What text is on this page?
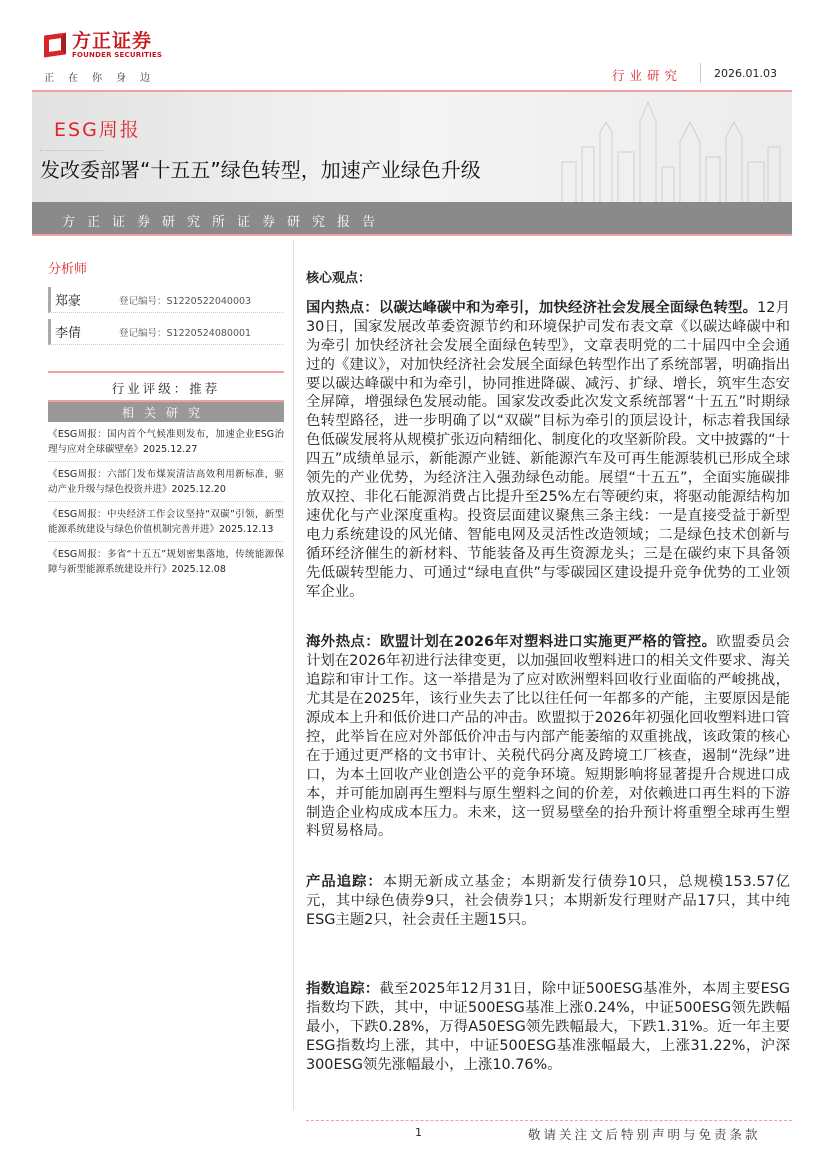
方正证券
FOUNDER SECURITIES
正在你身边	行业研究	2026.01.03
ESG周报
发改委部署“十五五”绿色转型，加速产业绿色升级
方正证券研究所证券研究报告
分析师
郑豪	登记编号：S1220522040003
李倩	登记编号：S1220524080001
行业评级：推荐
相关研究
《ESG周报：国内首个气候准则发布，加速企业ESG治理与应对全球碳壁垒》2025.12.27
《ESG周报：六部门发布煤炭清洁高效利用新标准，驱动产业升级与绿色投资并进》2025.12.20
《ESG周报：中央经济工作会议坚持“双碳”引领，新型能源系统建设与绿色价值机制完善并进》2025.12.13
《ESG周报：多省“十五五”规划密集落地，传统能源保障与新型能源系统建设并行》2025.12.08
核心观点：

国内热点：以碳达峰碳中和为牵引，加快经济社会发展全面绿色转型。12月30日，国家发展改革委资源节约和环境保护司发布表文章《以碳达峰碳中和为牵引 加快经济社会发展全面绿色转型》，文章表明党的二十届四中全会通过的《建议》，对加快经济社会发展全面绿色转型作出了系统部署，明确指出要以碳达峰碳中和为牵引，协同推进降碳、减污、扩绿、增长，筑牢生态安全屏障，增强绿色发展动能。国家发改委此次发文系统部署“十五五”时期绿色转型路径，进一步明确了以“双碳”目标为牵引的顶层设计，标志着我国绿色低碳发展将从规模扩张迈向精细化、制度化的攻坚新阶段。文中披露的“十四五”成绩单显示，新能源产业链、新能源汽车及可再生能源装机已形成全球领先的产业优势，为经济注入强劲绿色动能。展望“十五五”，全面实施碳排放双控、非化石能源消费占比提升至25%左右等硬约束，将驱动能源结构加速优化与产业深度重构。投资层面建议聚焦三条主线：一是直接受益于新型电力系统建设的风光储、智能电网及灵活性改造领域；二是绿色技术创新与循环经济催生的新材料、节能装备及再生资源龙头；三是在碳约束下具备领先低碳转型能力、可通过“绿电直供”与零碳园区建设提升竞争优势的工业领军企业。

海外热点：欧盟计划在2026年对塑料进口实施更严格的管控。欧盟委员会计划在2026年初进行法律变更，以加强回收塑料进口的相关文件要求、海关追踪和审计工作。这一举措是为了应对欧洲塑料回收行业面临的严峻挑战，尤其是在2025年，该行业失去了比以往任何一年都多的产能，主要原因是能源成本上升和低价进口产品的冲击。欧盟拟于2026年初强化回收塑料进口管控，此举旨在应对外部低价冲击与内部产能萎缩的双重挑战，该政策的核心在于通过更严格的文书审计、关税代码分离及跨境工厂核查，遏制“洗绿”进口，为本土回收产业创造公平的竞争环境。短期影响将显著提升合规进口成本，并可能加剧再生塑料与原生塑料之间的价差，对依赖进口再生料的下游制造企业构成成本压力。未来，这一贸易壁垒的抬升预计将重塑全球再生塑料贸易格局。

产品追踪：本期无新成立基金；本期新发行债券10只，总规模153.57亿元，其中绿色债券9只，社会债券1只；本期新发行理财产品17只，其中纯ESG主题2只，社会责任主题15只。

指数追踪：截至2025年12月31日，除中证500ESG基准外，本周主要ESG指数均下跌，其中，中证500ESG基准上涨0.24%，中证500ESG领先跌幅最小，下跌0.28%，万得A50ESG领先跌幅最大，下跌1.31%。近一年主要ESG指数均上涨，其中，中证500ESG基准涨幅最大，上涨31.22%，沪深300ESG领先涨幅最小，上涨10.76%。

1	敬请关注文后特别声明与免责条款
